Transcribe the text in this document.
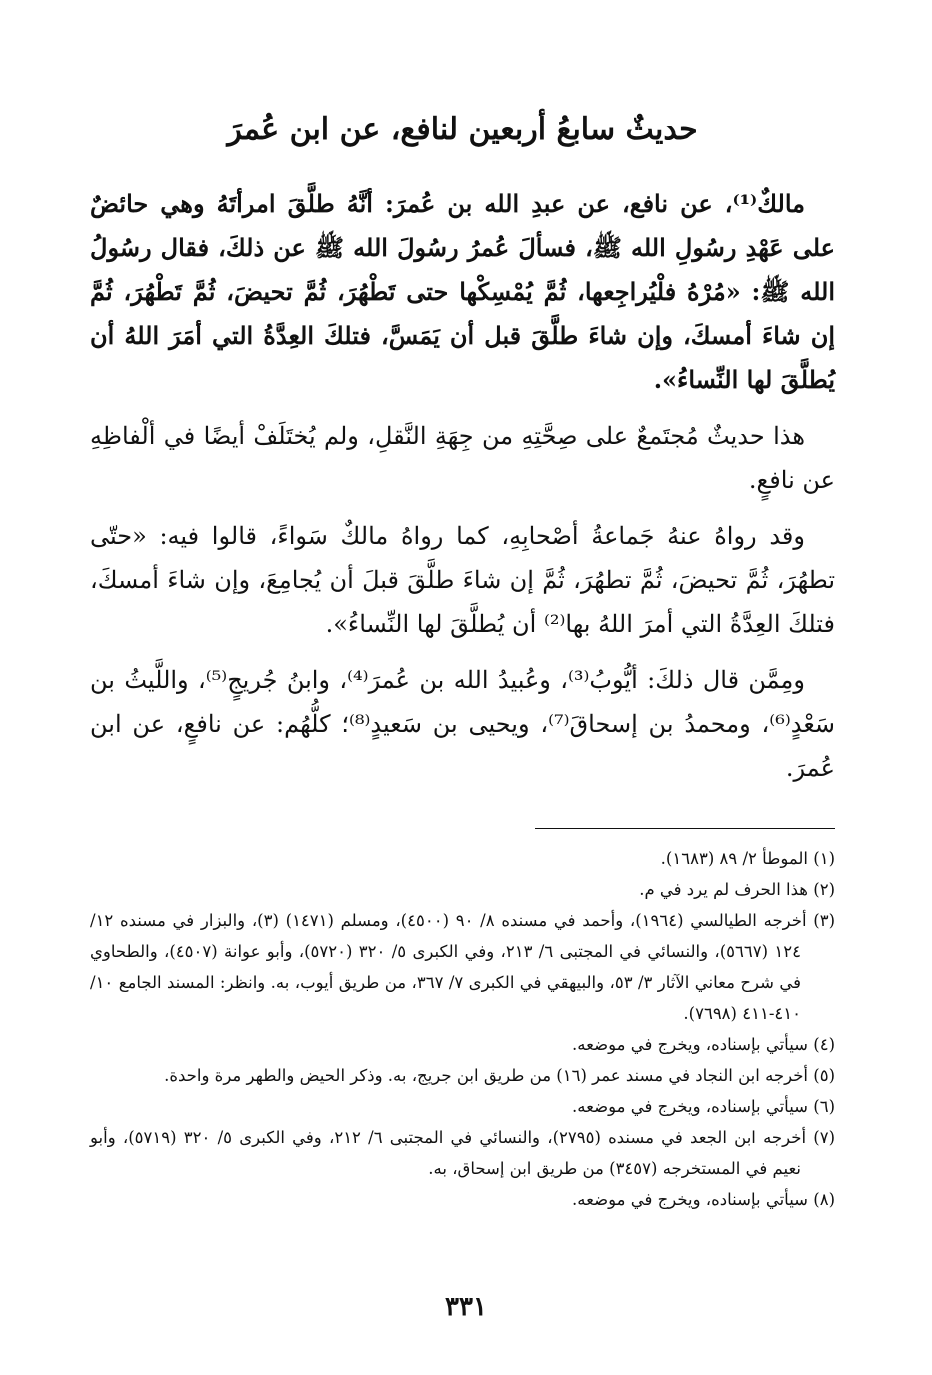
حديثٌ سابعُ أربعين لنافع، عن ابن عُمرَ

مالكٌ⁽¹⁾، عن نافع، عن عبدِ الله بن عُمرَ: أنَّهُ طلَّقَ امرأتَهُ وهي حائضٌ على عَهْدِ رسُولِ الله ﷺ، فسألَ عُمرُ رسُولَ الله ﷺ عن ذلكَ، فقال رسُولُ الله ﷺ: «مُرْهُ فلْيُراجِعها، ثُمَّ يُمْسِكْها حتى تَطْهُرَ، ثُمَّ تحيضَ، ثُمَّ تَطْهُرَ، ثُمَّ إن شاءَ أمسكَ، وإن شاءَ طلَّقَ قبل أن يَمَسَّ، فتلكَ العِدَّةُ التي أمَرَ اللهُ أن يُطلَّقَ لها النِّساءُ».

هذا حديثٌ مُجتَمعٌ على صِحَّتِهِ من جِهَةِ النَّقلِ، ولم يُختَلَفْ أيضًا في ألْفاظِهِ عن نافعٍ.

وقد رواهُ عنهُ جَماعةُ أصْحابِهِ، كما رواهُ مالكٌ سَواءً، قالوا فيه: «حتّى تطهُرَ، ثُمَّ تحيضَ، ثُمَّ تطهُرَ، ثُمَّ إن شاءَ طلَّقَ قبلَ أن يُجامِعَ، وإن شاءَ أمسكَ، فتلكَ العِدَّةُ التي أمرَ اللهُ بها⁽²⁾ أن يُطلَّقَ لها النِّساءُ».

ومِمَّن قال ذلكَ: أيُّوبُ⁽³⁾، وعُبيدُ الله بن عُمرَ⁽⁴⁾، وابنُ جُريجٍ⁽⁵⁾، واللَّيثُ بن سَعْدٍ⁽⁶⁾، ومحمدُ بن إسحاقَ⁽⁷⁾، ويحيى بن سَعيدٍ⁽⁸⁾؛ كلُّهُم: عن نافعٍ، عن ابن عُمرَ.

(١) الموطأ ٢/ ٨٩ (١٦٨٣).

(٢) هذا الحرف لم يرد في م.

(٣) أخرجه الطيالسي (١٩٦٤)، وأحمد في مسنده ٨/ ٩٠ (٤٥٠٠)، ومسلم (١٤٧١) (٣)، والبزار في مسنده ١٢/ ١٢٤ (٥٦٦٧)، والنسائي في المجتبى ٦/ ٢١٣، وفي الكبرى ٥/ ٣٢٠ (٥٧٢٠)، وأبو عوانة (٤٥٠٧)، والطحاوي في شرح معاني الآثار ٣/ ٥٣، والبيهقي في الكبرى ٧/ ٣٦٧، من طريق أيوب، به. وانظر: المسند الجامع ١٠/ ٤١٠-٤١١ (٧٦٩٨).

(٤) سيأتي بإسناده، ويخرج في موضعه.

(٥) أخرجه ابن النجاد في مسند عمر (١٦) من طريق ابن جريج، به. وذكر الحيض والطهر مرة واحدة.

(٦) سيأتي بإسناده، ويخرج في موضعه.

(٧) أخرجه ابن الجعد في مسنده (٢٧٩٥)، والنسائي في المجتبى ٦/ ٢١٢، وفي الكبرى ٥/ ٣٢٠ (٥٧١٩)، وأبو نعيم في المستخرجه (٣٤٥٧) من طريق ابن إسحاق، به.

(٨) سيأتي بإسناده، ويخرج في موضعه.

٣٣١
